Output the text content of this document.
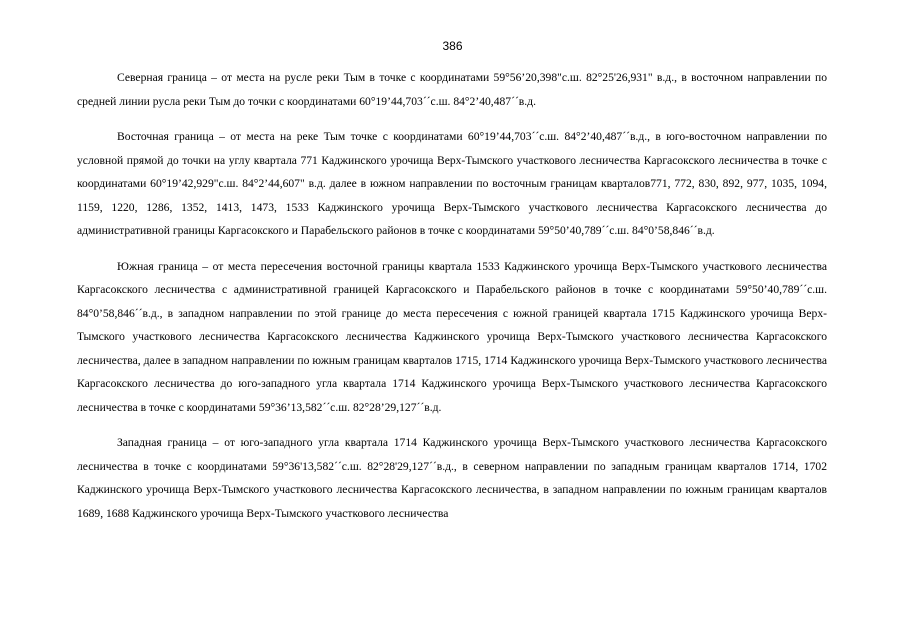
386

Северная граница – от места на русле реки Тым в точке с координатами 59°56’20,398"с.ш. 82°25'26,931" в.д., в восточном направлении по средней линии русла реки Тым до точки с координатами 60°19’44,703´´с.ш. 84°2’40,487´´в.д.

Восточная граница – от места на реке Тым точке с координатами 60°19’44,703´´с.ш. 84°2’40,487´´в.д., в юго-восточном направлении по условной прямой до точки на углу квартала 771 Каджинского урочища Верх-Тымского участкового лесничества Каргасокского лесничества в точке с координатами 60°19’42,929"с.ш. 84°2’44,607" в.д. далее в южном направлении по восточным границам кварталов771, 772, 830, 892, 977, 1035, 1094, 1159, 1220, 1286, 1352, 1413, 1473, 1533 Каджинского урочища Верх-Тымского участкового лесничества Каргасокского лесничества до административной границы Каргасокского и Парабельского районов в точке с координатами 59°50’40,789´´с.ш. 84°0’58,846´´в.д.

Южная граница – от места пересечения восточной границы квартала 1533 Каджинского урочища Верх-Тымского участкового лесничества Каргасокского лесничества с административной границей Каргасокского и Парабельского районов в точке с координатами 59°50’40,789´´с.ш. 84°0’58,846´´в.д., в западном направлении по этой границе до места пересечения с южной границей квартала 1715 Каджинского урочища Верх-Тымского участкового лесничества Каргасокского лесничества Каджинского урочища Верх-Тымского участкового лесничества Каргасокского лесничества, далее в западном направлении по южным границам кварталов 1715, 1714 Каджинского урочища Верх-Тымского участкового лесничества Каргасокского лесничества до юго-западного угла квартала 1714 Каджинского урочища Верх-Тымского участкового лесничества Каргасокского лесничества в точке с координатами 59°36’13,582´´с.ш. 82°28’29,127´´в.д.

Западная граница – от юго-западного угла квартала 1714 Каджинского урочища Верх-Тымского участкового лесничества Каргасокского лесничества в точке с координатами 59°36'13,582´´с.ш. 82°28'29,127´´в.д., в северном направлении по западным границам кварталов 1714, 1702 Каджинского урочища Верх-Тымского участкового лесничества Каргасокского лесничества, в западном направлении по южным границам кварталов 1689, 1688 Каджинского урочища Верх-Тымского участкового лесничества
